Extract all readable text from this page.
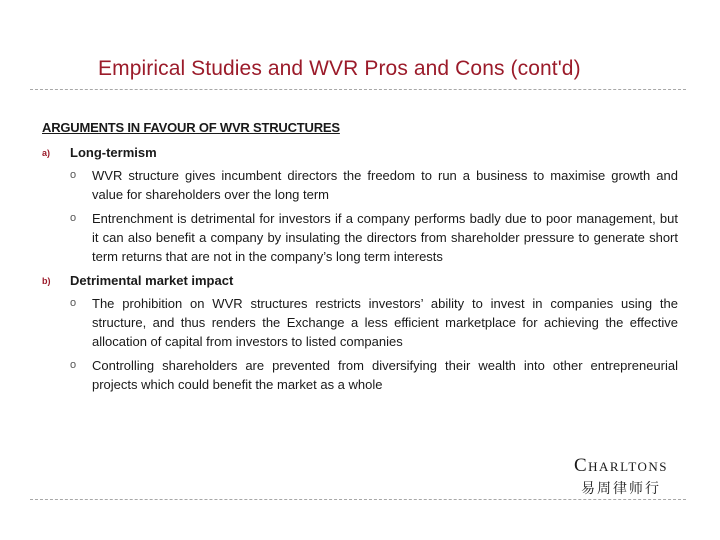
Empirical Studies and WVR Pros and Cons (cont'd)
ARGUMENTS IN FAVOUR OF WVR STRUCTURES
a) Long-termism
o WVR structure gives incumbent directors the freedom to run a business to maximise growth and value for shareholders over the long term
o Entrenchment is detrimental for investors if a company performs badly due to poor management, but it can also benefit a company by insulating the directors from shareholder pressure to generate short term returns that are not in the company’s long term interests
b) Detrimental market impact
o The prohibition on WVR structures restricts investors’ ability to invest in companies using the structure, and thus renders the Exchange a less efficient marketplace for achieving the effective allocation of capital from investors to listed companies
o Controlling shareholders are prevented from diversifying their wealth into other entrepreneurial projects which could benefit the market as a whole
Charltons
易周律师行
